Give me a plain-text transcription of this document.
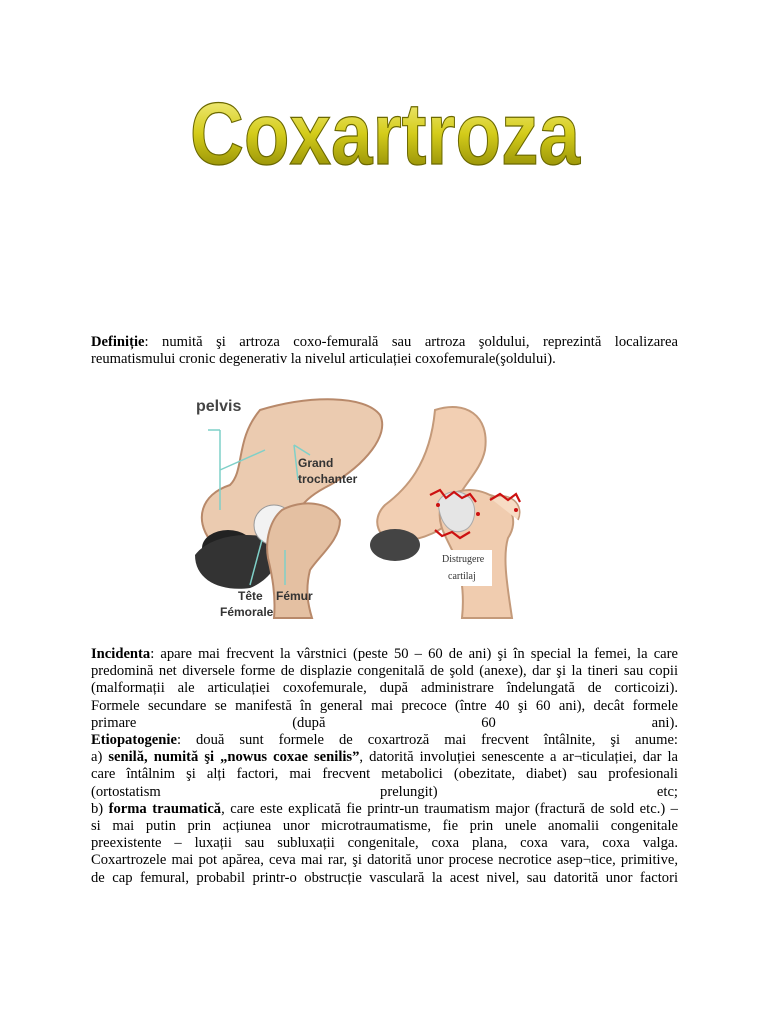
Coxartroza
Definiție: numită şi artroza coxo-femurală sau artroza şoldului, reprezintă localizarea
reumatismului cronic degenerativ la nivelul articulației coxofemurale(şoldului).
pelvis
Grand
trochanter
Tête Fémur
Fémorale
Distrugere
cartilaj
Incidenta: apare mai frecvent la vârstnici (peste 50 – 60 de ani) şi în special la femei, la care
predomină net diversele forme de displazie congenitală de şold (anexe), dar şi la tineri sau copii
(malformații ale articulației coxofemurale, după administrare îndelungată de corticoizi).
Formele secundare se manifestă în general mai precoce (între 40 şi 60 ani), decât formele
primare (după 60 ani).
Etiopatogenie: două sunt formele de coxartroză mai frecvent întâlnite, şi anume:
a) senilă, numită şi „nowus coxae senilis”, datorită involuției senescente a ar¬ticulației, dar la
care întâlnim şi alți factori, mai frecvent metabolici (obezitate, diabet) sau profesionali
(ortostatism prelungit) etc;
b) forma traumatică, care este explicată fie printr-un traumatism major (fractură de sold etc.) –
si mai putin prin acțiunea unor microtraumatisme, fie prin unele anomalii congenitale
preexistente – luxații sau subluxații congenitale, coxa plana, coxa vara, coxa valga.
Coxartrozele mai pot apărea, ceva mai rar, şi datorită unor procese necrotice asep¬tice, primitive,
de cap femural, probabil printr-o obstrucție vasculară la acest nivel, sau datorită unor factori
